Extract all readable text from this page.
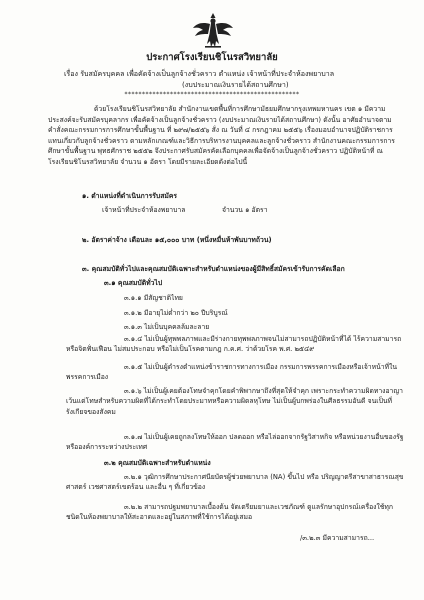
ประกาศโรงเรียนชิโนรสวิทยาลัย
เรื่อง รับสมัครบุคคล เพื่อคัดจ้างเป็นลูกจ้างชั่วคราว ตำแหน่ง เจ้าหน้าที่ประจำห้องพยาบาล
(งบประมาณเงินรายได้สถานศึกษา)
**************************************************
ด้วยโรงเรียนชิโนรสวิทยาลัย สำนักงานเขตพื้นที่การศึกษามัธยมศึกษากรุงเทพมหานคร เขต ๑ มีความประสงค์จะรับสมัครบุคลากร เพื่อคัดจ้างเป็นลูกจ้างชั่วคราว (งบประมาณเงินรายได้สถานศึกษา) ดังนั้น อาศัยอำนาจตามคำสั่งคณะกรรมการการศึกษาขั้นพื้นฐาน ที่ ๒๙๗/๒๕๕๖ สั่ง ณ วันที่ ๔ กรกฎาคม ๒๕๕๖ เรื่องมอบอำนาจปฏิบัติราชการแทนเกี่ยวกับลูกจ้างชั่วคราว ตามหลักเกณฑ์และวิธีการบริหารงานบุคคลและลูกจ้างชั่วคราว สำนักงานคณะกรรมการการศึกษาขั้นพื้นฐาน พุทธศักราช ๒๕๕๒ จึงประกาศรับสมัครคัดเลือกบุคคลเพื่อจัดจ้างเป็นลูกจ้างชั่วคราว ปฏิบัติหน้าที่ ณ โรงเรียนชิโนรสวิทยาลัย จำนวน ๑ อัตรา โดยมีรายละเอียดดังต่อไปนี้
๑. ตำแหน่งที่ดำเนินการรับสมัคร
เจ้าหน้าที่ประจำห้องพยาบาล	จำนวน ๑ อัตรา
๒. อัตราค่าจ้าง เดือนละ ๑๕,๐๐๐ บาท (หนึ่งหมื่นห้าพันบาทถ้วน)
๓. คุณสมบัติทั่วไปและคุณสมบัติเฉพาะสำหรับตำแหน่งของผู้มีสิทธิ์สมัครเข้ารับการคัดเลือก
๓.๑ คุณสมบัติทั่วไป
๓.๑.๑ มีสัญชาติไทย
๓.๑.๒ มีอายุไม่ต่ำกว่า ๒๐ ปีบริบูรณ์
๓.๑.๓ ไม่เป็นบุคคลล้มละลาย
๓.๑.๔ ไม่เป็นผู้ทุพพลภาพและมีร่างกายทุพพลภาพจนไม่สามารถปฏิบัติหน้าที่ได้ ไร้ความสามารถหรือจิตฟั่นเฟือน ไม่สมประกอบ หรือไม่เป็นโรคตามกฎ ก.ค.ศ. ว่าด้วยโรค พ.ศ. ๒๕๔๙
๓.๑.๕ ไม่เป็นผู้ดำรงตำแหน่งข้าราชการทางการเมือง กรรมการพรรคการเมืองหรือเจ้าหน้าที่ในพรรคการเมือง
๓.๑.๖ ไม่เป็นผู้เคยต้องโทษจำคุกโดยคำพิพากษาถึงที่สุดให้จำคุก เพราะกระทำความผิดทางอาญา เว้นแต่โทษสำหรับความผิดที่ได้กระทำโดยประมาทหรือความผิดลหุโทษ ไม่เป็นผู้บกพร่องในศีลธรรมอันดี จนเป็นที่รังเกียจของสังคม
๓.๑.๗ ไม่เป็นผู้เคยถูกลงโทษให้ออก ปลดออก หรือไล่ออกจากรัฐวิสาหกิจ หรือหน่วยงานอื่นของรัฐหรือองค์การระหว่างประเทศ
๓.๒ คุณสมบัติเฉพาะสำหรับตำแหน่ง
๓.๒.๑ วุฒิการศึกษาประกาศนียบัตรผู้ช่วยพยาบาล (NA) ขึ้นไป หรือ ปริญญาตรีสาขาสาธารณสุขศาสตร์ เวชศาสตร์เขตร้อน และอื่น ๆ ที่เกี่ยวข้อง
๓.๒.๒ สามารถปฐมพยาบาลเบื้องต้น จัดเตรียมยาและเวชภัณฑ์ ดูแลรักษาอุปกรณ์เครื่องใช้ทุกชนิดในห้องพยาบาลให้สะอาดและอยู่ในสภาพที่ใช้การได้อยู่เสมอ
/๓.๒.๓ มีความสามารถ...
